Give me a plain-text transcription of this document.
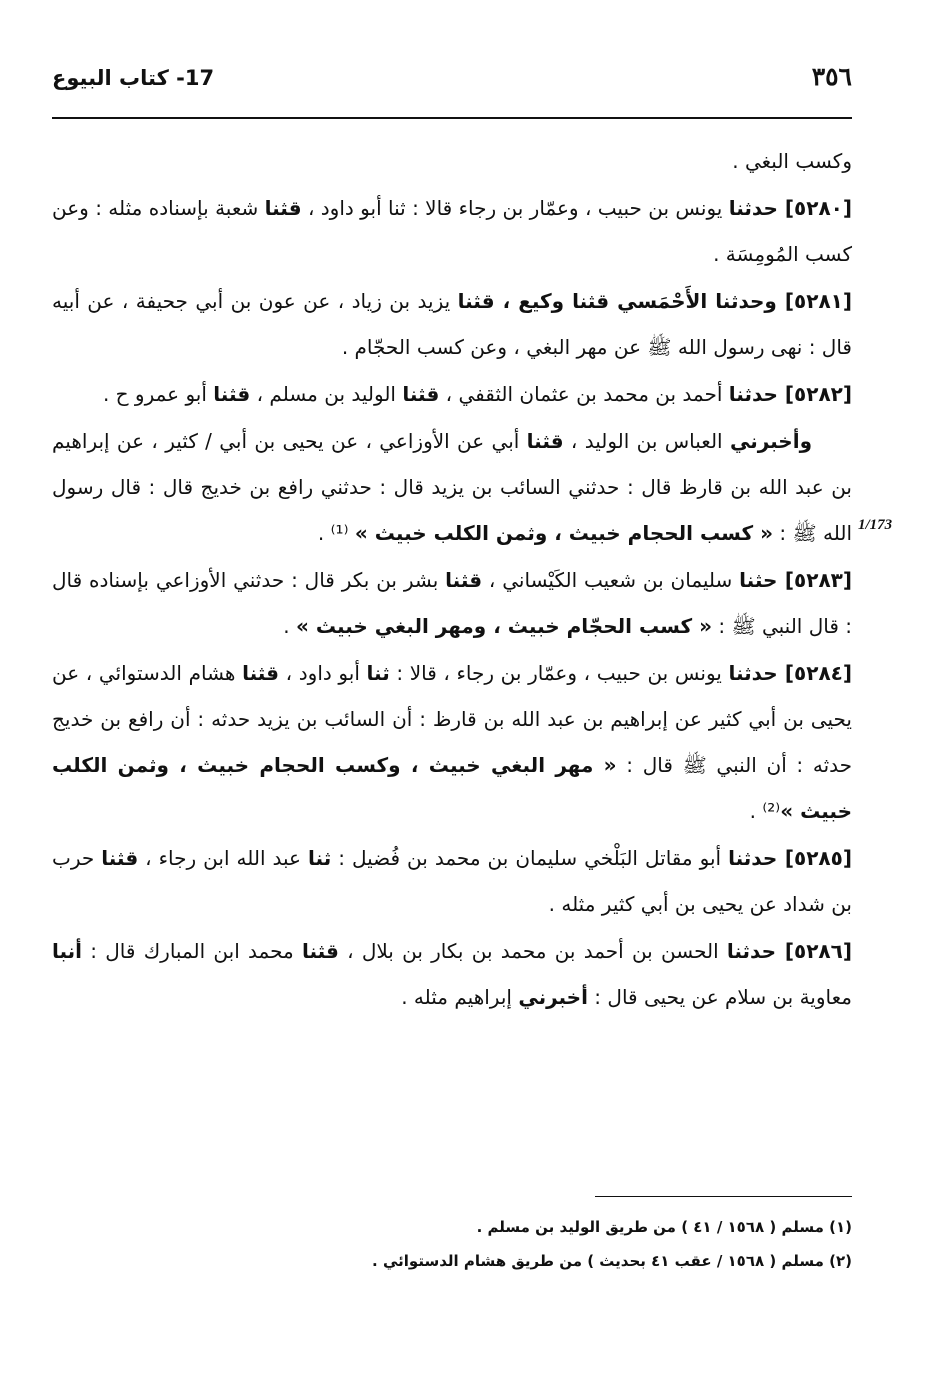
٣٥٦
17- كتاب البيوع
1/173

وكسب البغي .

[٥٢٨٠] حدثنا يونس بن حبيب ، وعمّار بن رجاء قالا : ثنا أبو داود ، قثنا شعبة بإسناده مثله : وعن كسب المُومِسَة .

[٥٢٨١] وحدثنا الأَحْمَسي قثنا وكيع ، قثنا يزيد بن زياد ، عن عون بن أبي جحيفة ، عن أبيه قال : نهى رسول الله ﷺ عن مهر البغي ، وعن كسب الحجّام .

[٥٢٨٢] حدثنا أحمد بن محمد بن عثمان الثقفي ، قثنا الوليد بن مسلم ، قثنا أبو عمرو ح .

وأخبرني العباس بن الوليد ، قثنا أبي عن الأوزاعي ، عن يحيى بن أبي / كثير ، عن إبراهيم بن عبد الله بن قارظ قال : حدثني السائب بن يزيد قال : حدثني رافع بن خديج قال : قال رسول الله ﷺ : « كسب الحجام خبيث ، وثمن الكلب خبيث » ⁽¹⁾ .

[٥٢٨٣] حثنا سليمان بن شعيب الكَيْساني ، قثنا بشر بن بكر قال : حدثني الأوزاعي بإسناده قال : قال النبي ﷺ : « كسب الحجّام خبيث ، ومهر البغي خبيث » .

[٥٢٨٤] حدثنا يونس بن حبيب ، وعمّار بن رجاء ، قالا : ثنا أبو داود ، قثنا هشام الدستوائي ، عن يحيى بن أبي كثير عن إبراهيم بن عبد الله بن قارظ : أن السائب بن يزيد حدثه : أن رافع بن خديج حدثه : أن النبي ﷺ قال : « مهر البغي خبيث ، وكسب الحجام خبيث ، وثمن الكلب خبيث »⁽²⁾ .

[٥٢٨٥] حدثنا أبو مقاتل البَلْخي سليمان بن محمد بن فُضيل : ثنا عبد الله ابن رجاء ، قثنا حرب بن شداد عن يحيى بن أبي كثير مثله .

[٥٢٨٦] حدثنا الحسن بن أحمد بن محمد بن بكار بن بلال ، قثنا محمد ابن المبارك قال : أنبا معاوية بن سلام عن يحيى قال : أخبرني إبراهيم مثله .

(١) مسلم ( ١٥٦٨ / ٤١ ) من طريق الوليد بن مسلم .

(٢) مسلم ( ١٥٦٨ / عقب ٤١ بحديث ) من طريق هشام الدستوائي .
